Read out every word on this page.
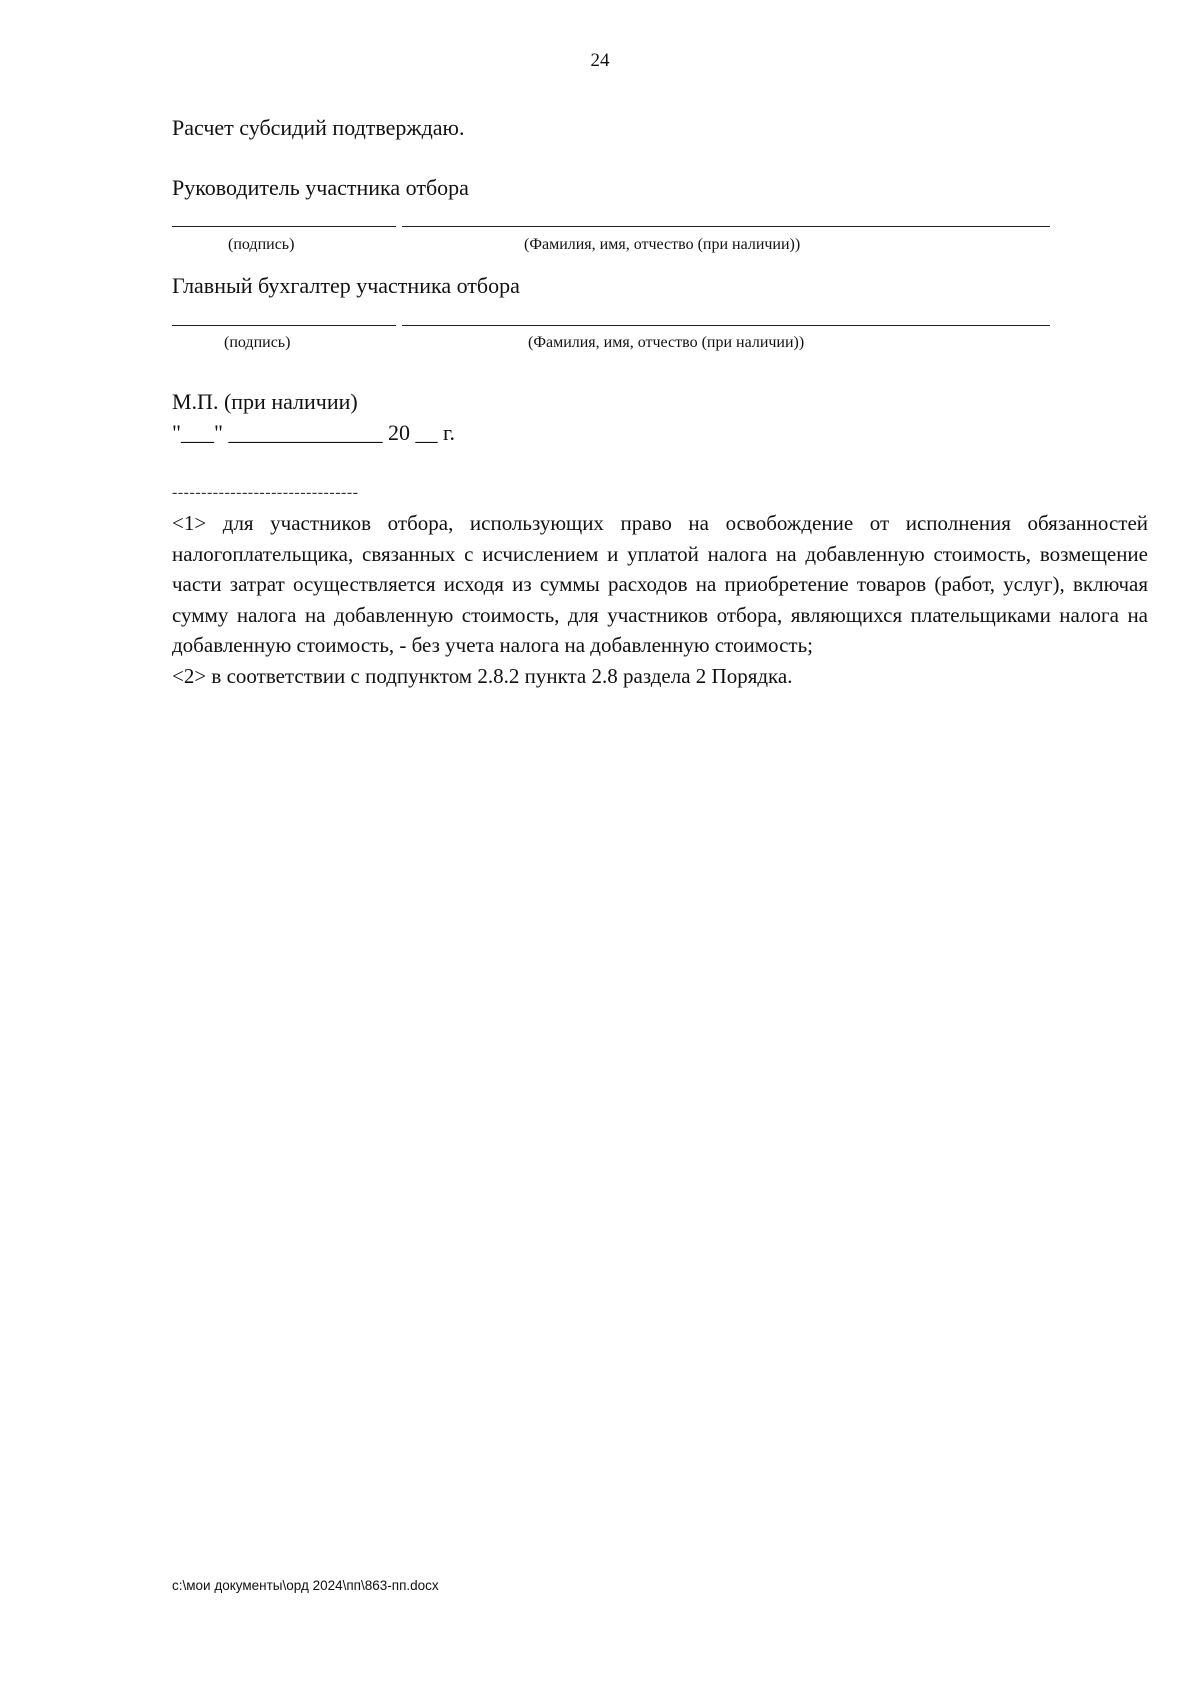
24
Расчет субсидий подтверждаю.
Руководитель участника отбора
(подпись)	(Фамилия, имя, отчество (при наличии))
Главный бухгалтер участника отбора
(подпись)	(Фамилия, имя, отчество (при наличии))
М.П. (при наличии)
"___" ______________ 20 __ г.
--------------------------------

<1> для участников отбора, использующих право на освобождение от исполнения обязанностей налогоплательщика, связанных с исчислением и уплатой налога на добавленную стоимость, возмещение части затрат осуществляется исходя из суммы расходов на приобретение товаров (работ, услуг), включая сумму налога на добавленную стоимость, для участников отбора, являющихся плательщиками налога на добавленную стоимость, - без учета налога на добавленную стоимость;

<2> в соответствии с подпунктом 2.8.2 пункта 2.8 раздела 2 Порядка.

c:\мои документы\орд 2024\пп\863-пп.docx
